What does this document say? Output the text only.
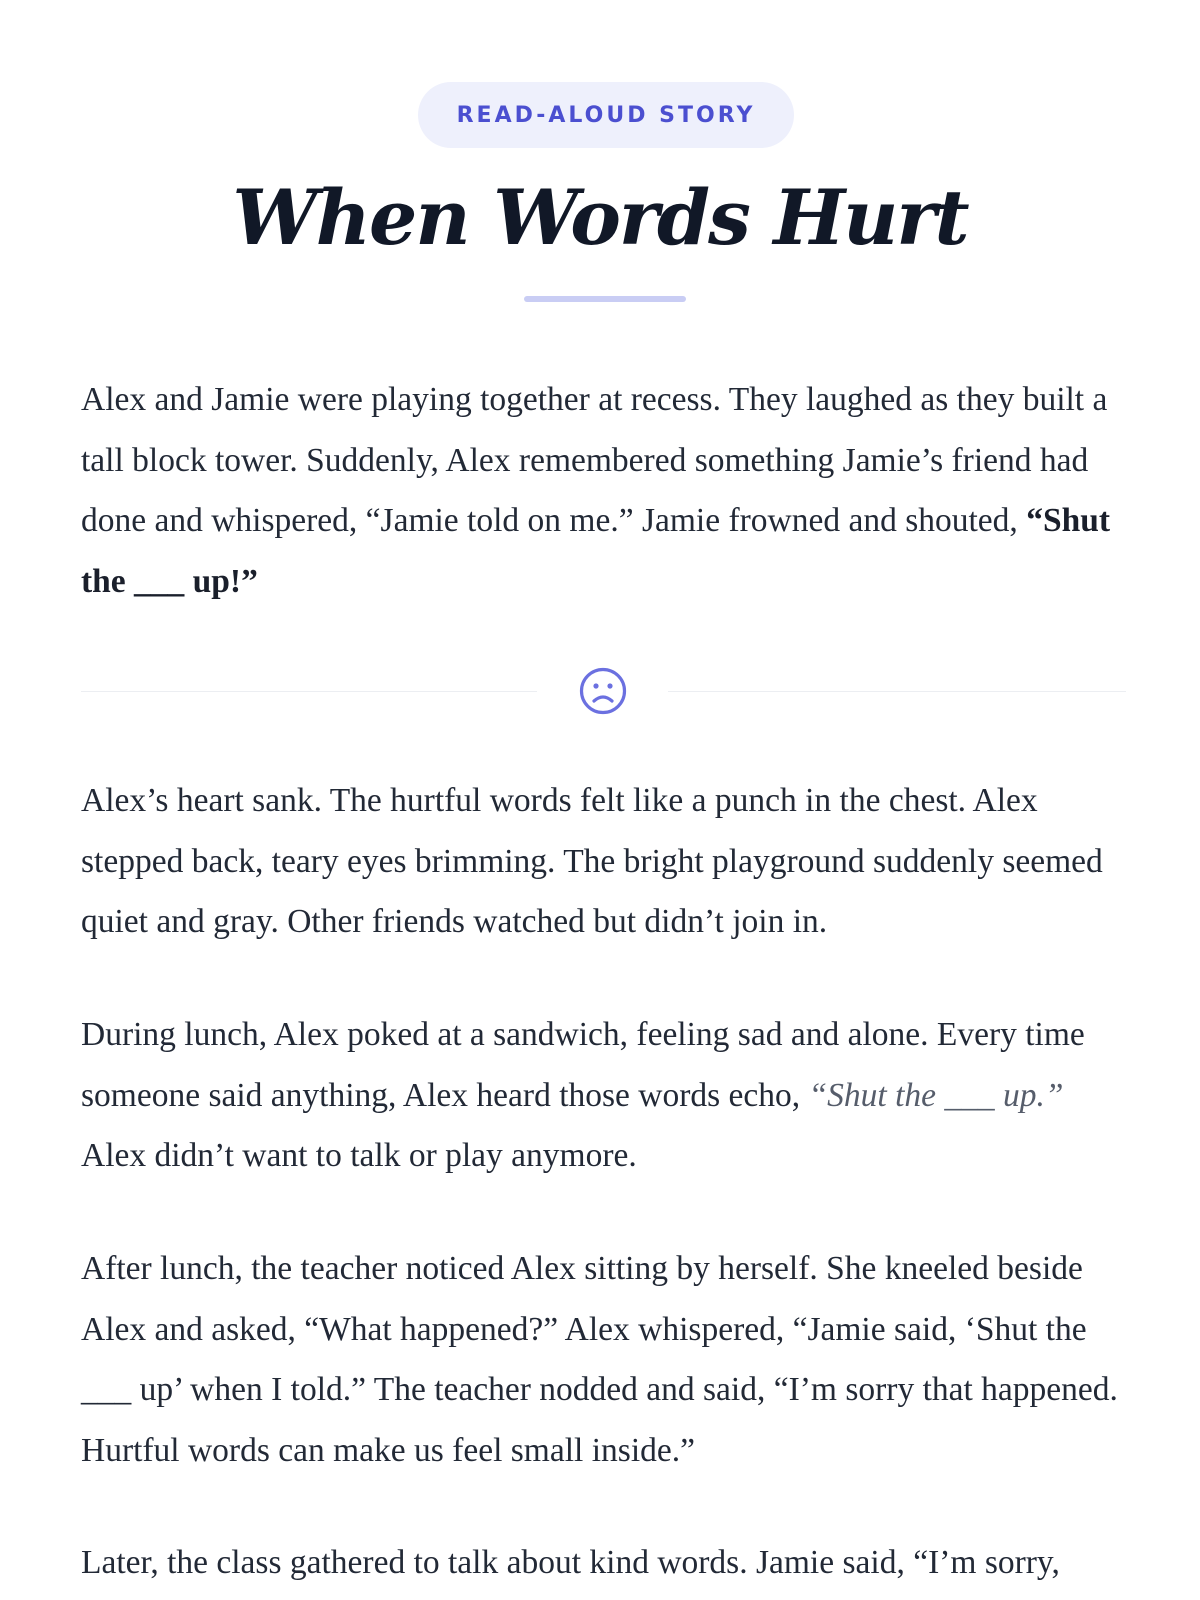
READ-ALOUD STORY
When Words Hurt

Alex and Jamie were playing together at recess. They laughed as they built a tall block tower. Suddenly, Alex remembered something Jamie’s friend had done and whispered, “Jamie told on me.” Jamie frowned and shouted, “Shut the ___ up!”

Alex’s heart sank. The hurtful words felt like a punch in the chest. Alex stepped back, teary eyes brimming. The bright playground suddenly seemed quiet and gray. Other friends watched but didn’t join in.

During lunch, Alex poked at a sandwich, feeling sad and alone. Every time someone said anything, Alex heard those words echo, “Shut the ___ up.” Alex didn’t want to talk or play anymore.

After lunch, the teacher noticed Alex sitting by herself. She kneeled beside Alex and asked, “What happened?” Alex whispered, “Jamie said, ‘Shut the ___ up’ when I told.” The teacher nodded and said, “I’m sorry that happened. Hurtful words can make us feel small inside.”

Later, the class gathered to talk about kind words. Jamie said, “I’m sorry,
